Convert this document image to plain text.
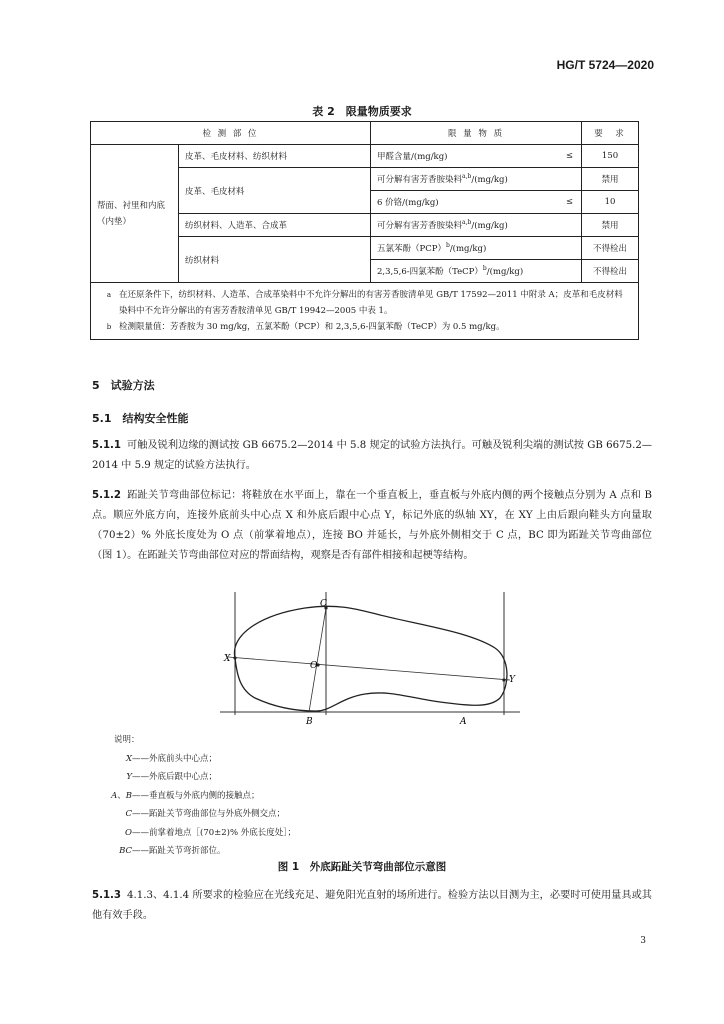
HG/T 5724—2020
表 2　限量物质要求
检 测 部 位		限 量 物 质		要　求
帮面、衬里和内底（内垫）	皮革、毛皮材料、纺织材料	甲醛含量/(mg/kg)	≤	150
	皮革、毛皮材料	可分解有害芳香胺染料$^{a,b}$/(mg/kg)		禁用
		6 价铬/(mg/kg)	≤	10
	纺织材料、人造革、合成革	可分解有害芳香胺染料$^{a,b}$/(mg/kg)		禁用
	纺织材料	五氯苯酚（PCP）$^b$/(mg/kg)		不得检出
		2,3,5,6-四氯苯酚（TeCP）$^b$/(mg/kg)		不得检出

a 在还原条件下，纺织材料、人造革、合成革染料中不允许分解出的有害芳香胺清单见 GB/T 17592—2011 中附录 A；皮革和毛皮材料染料中不允许分解出的有害芳香胺清单见 GB/T 19942—2005 中表 1。
b 检测限量值：芳香胺为 30 mg/kg，五氯苯酚（PCP）和 2,3,5,6-四氯苯酚（TeCP）为 0.5 mg/kg。				
5　试验方法
5.1　结构安全性能
5.1.1 可触及锐利边缘的测试按 GB 6675.2—2014 中 5.8 规定的试验方法执行。可触及锐利尖端的测试按 GB 6675.2—2014 中 5.9 规定的试验方法执行。
5.1.2 跖趾关节弯曲部位标记：将鞋放在水平面上，靠在一个垂直板上，垂直板与外底内侧的两个接触点分别为 A 点和 B 点。顺应外底方向，连接外底前头中心点 X 和外底后跟中心点 Y，标记外底的纵轴 XY，在 XY 上由后跟向鞋头方向量取（70±2）% 外底长度处为 O 点（前掌着地点），连接 BO 并延长，与外底外侧相交于 C 点，BC 即为跖趾关节弯曲部位（图 1）。在跖趾关节弯曲部位对应的帮面结构，观察是否有部件相接和起梗等结构。
C
X
O
Y
B	A
说明：
X ——外底前头中心点；
Y ——外底后跟中心点；
A、B ——垂直板与外底内侧的接触点；
C ——跖趾关节弯曲部位与外底外侧交点；
O ——前掌着地点［(70±2)% 外底长度处］；
BC ——跖趾关节弯折部位。
图 1　外底跖趾关节弯曲部位示意图
5.1.3 4.1.3、4.1.4 所要求的检验应在光线充足、避免阳光直射的场所进行。检验方法以目测为主，必要时可使用量具或其他有效手段。
3
